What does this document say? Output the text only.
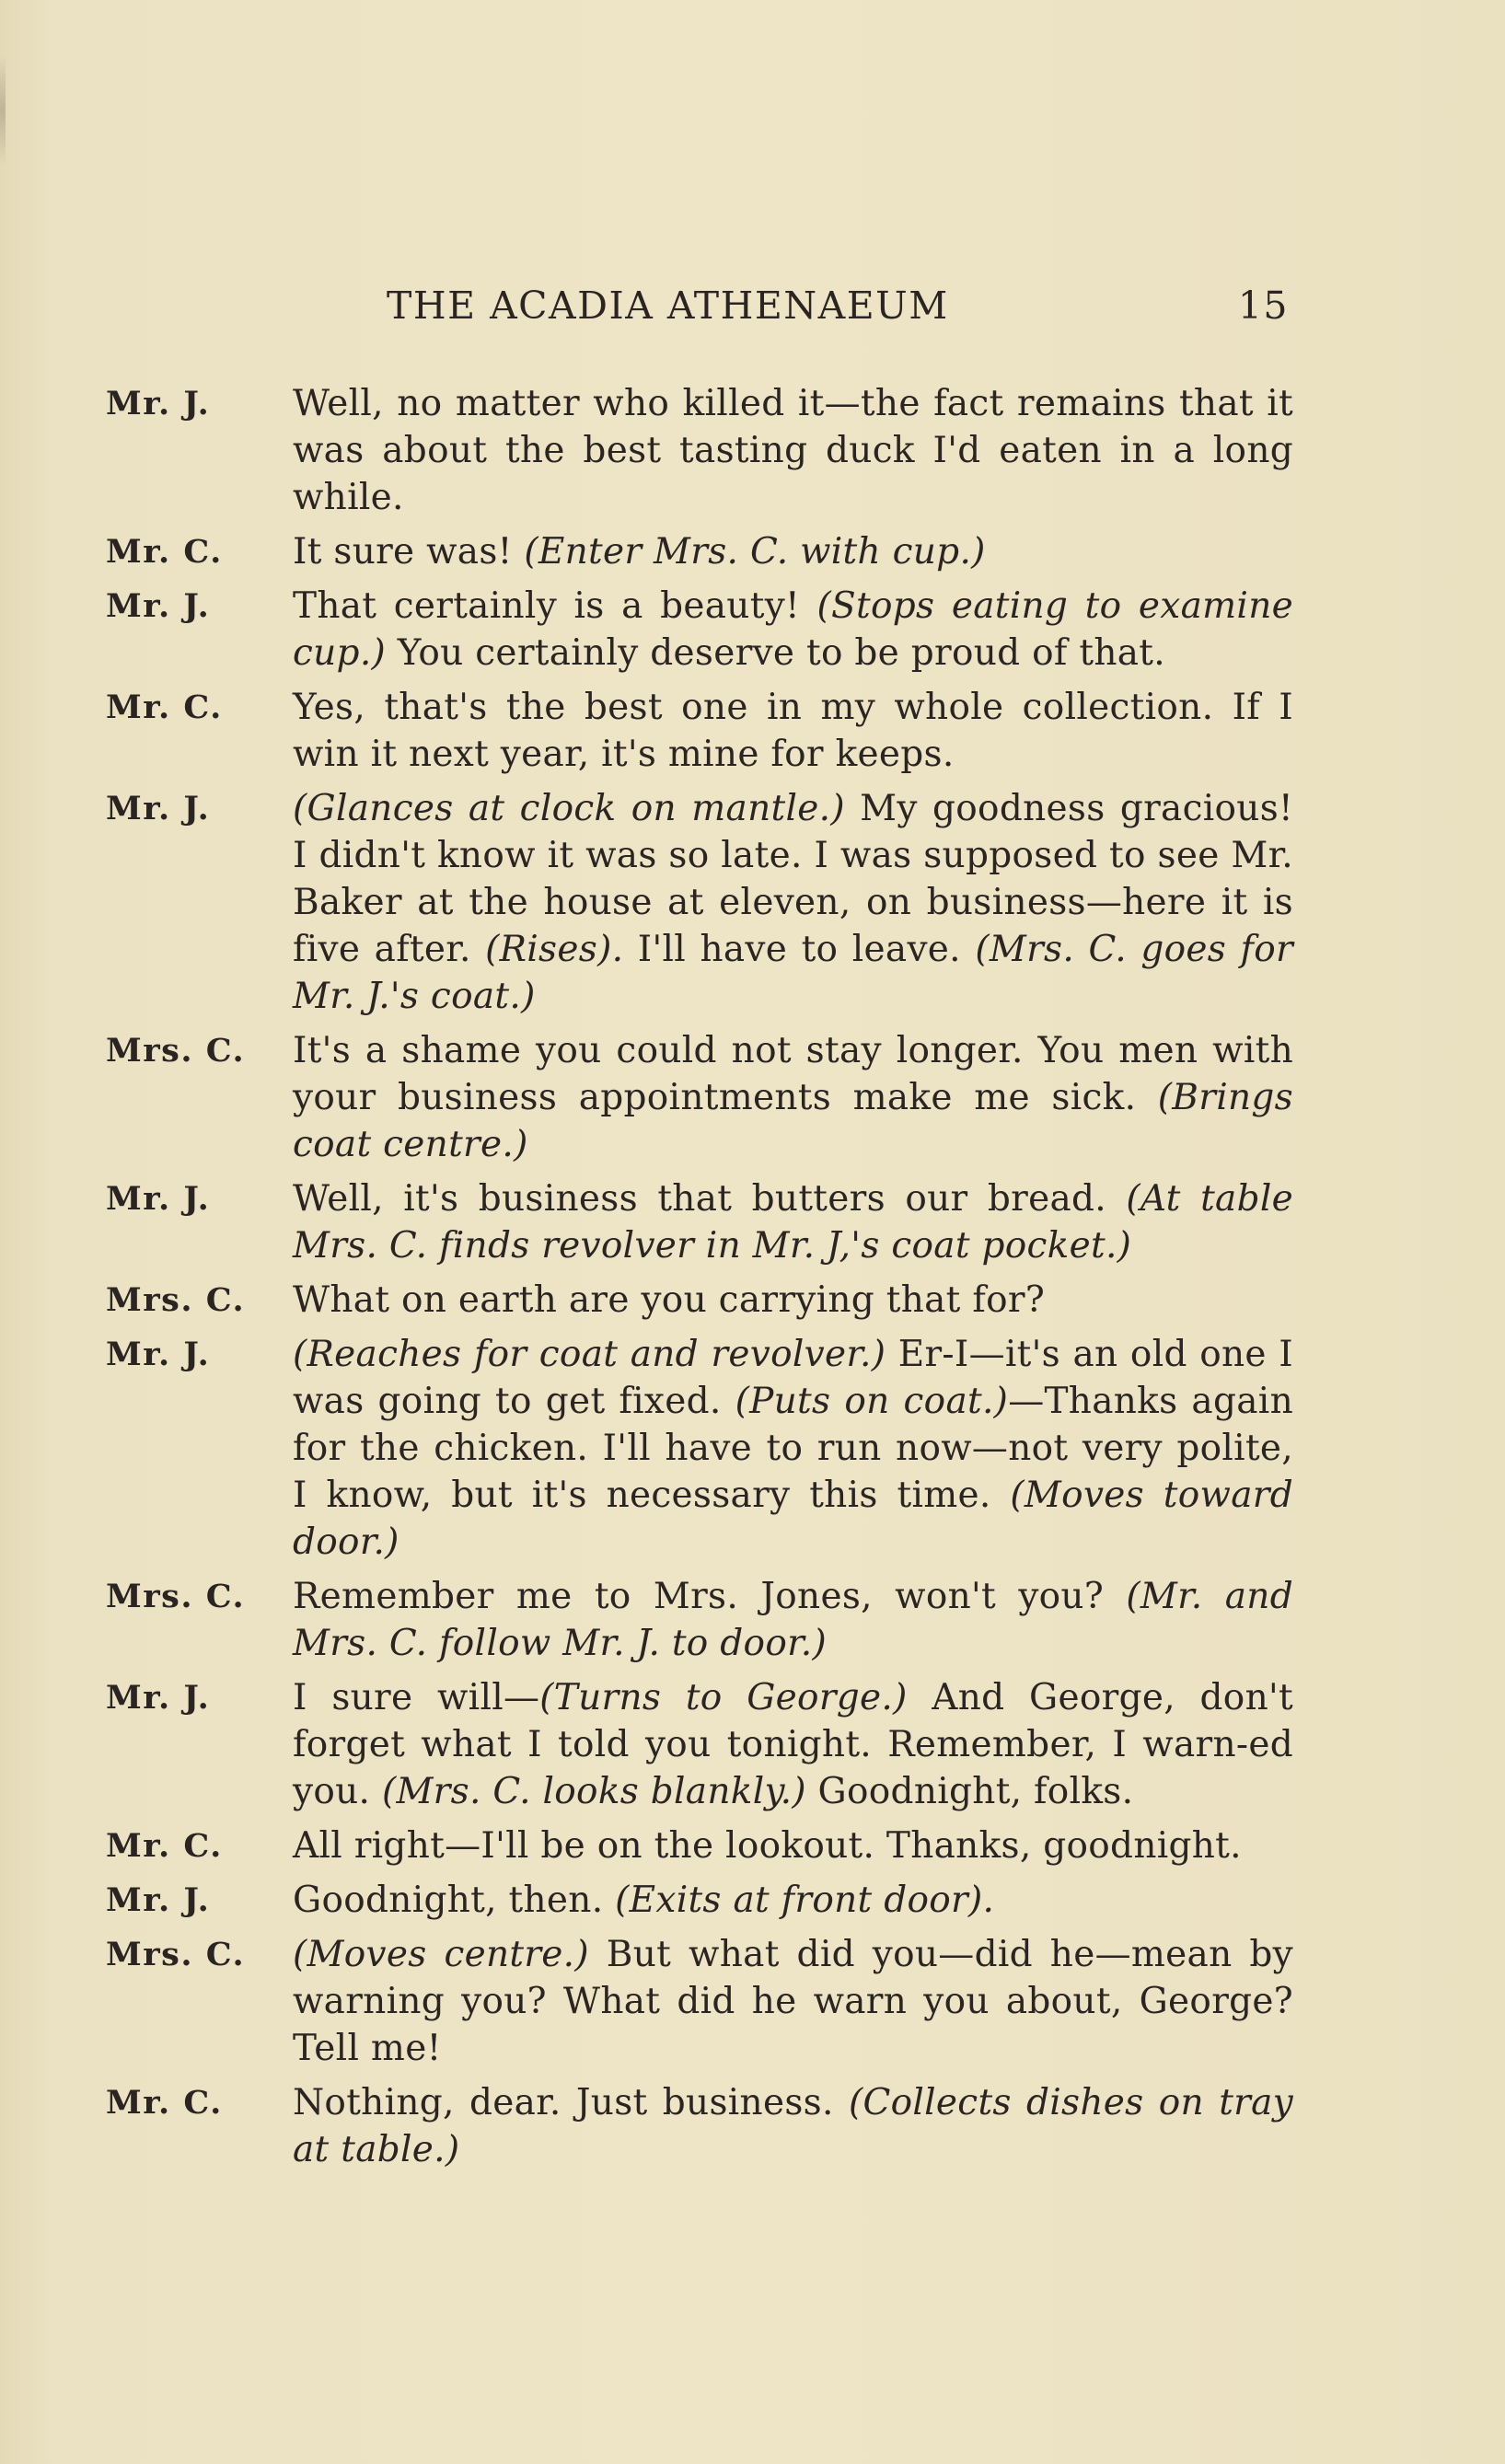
THE ACADIA ATHENAEUM	15
Mr. J.	Well, no matter who killed it—the fact remains that it was about the best tasting duck I'd eaten in a long while.
Mr. C.	It sure was! (Enter Mrs. C. with cup.)
Mr. J.	That certainly is a beauty! (Stops eating to examine cup.) You certainly deserve to be proud of that.
Mr. C.	Yes, that's the best one in my whole collection. If I win it next year, it's mine for keeps.
Mr. J.	(Glances at clock on mantle.) My goodness gracious! I didn't know it was so late. I was supposed to see Mr. Baker at the house at eleven, on business—here it is five after. (Rises). I'll have to leave. (Mrs. C. goes for Mr. J.'s coat.)
Mrs. C.	It's a shame you could not stay longer. You men with your business appointments make me sick. (Brings coat centre.)
Mr. J.	Well, it's business that butters our bread. (At table Mrs. C. finds revolver in Mr. J,'s coat pocket.)
Mrs. C.	What on earth are you carrying that for?
Mr. J.	(Reaches for coat and revolver.) Er-I—it's an old one I was going to get fixed. (Puts on coat.)—Thanks again for the chicken. I'll have to run now—not very polite, I know, but it's necessary this time. (Moves toward door.)
Mrs. C.	Remember me to Mrs. Jones, won't you? (Mr. and Mrs. C. follow Mr. J. to door.)
Mr. J.	I sure will—(Turns to George.) And George, don't forget what I told you tonight. Remember, I warn-ed you. (Mrs. C. looks blankly.) Goodnight, folks.
Mr. C.	All right—I'll be on the lookout. Thanks, goodnight.
Mr. J.	Goodnight, then. (Exits at front door).
Mrs. C.	(Moves centre.) But what did you—did he—mean by warning you? What did he warn you about, George? Tell me!
Mr. C.	Nothing, dear. Just business. (Collects dishes on tray at table.)
